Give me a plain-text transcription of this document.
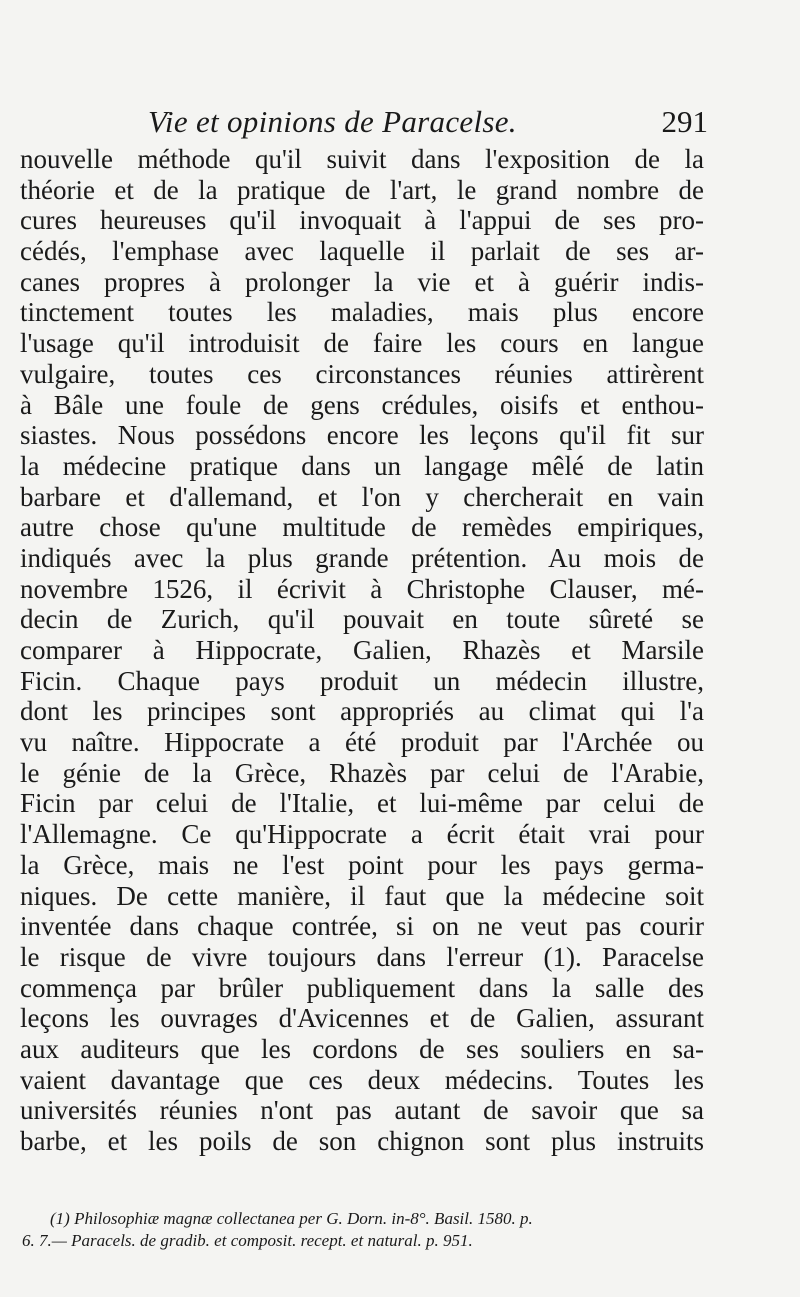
Vie et opinions de Paracelse.	291
nouvelle méthode qu'il suivit dans l'exposition de la
théorie et de la pratique de l'art, le grand nombre de
cures heureuses qu'il invoquait à l'appui de ses pro-
cédés, l'emphase avec laquelle il parlait de ses ar-
canes propres à prolonger la vie et à guérir indis-
tinctement toutes les maladies, mais plus encore
l'usage qu'il introduisit de faire les cours en langue
vulgaire, toutes ces circonstances réunies attirèrent
à Bâle une foule de gens crédules, oisifs et enthou-
siastes. Nous possédons encore les leçons qu'il fit sur
la médecine pratique dans un langage mêlé de latin
barbare et d'allemand, et l'on y chercherait en vain
autre chose qu'une multitude de remèdes empiriques,
indiqués avec la plus grande prétention. Au mois de
novembre 1526, il écrivit à Christophe Clauser, mé-
decin de Zurich, qu'il pouvait en toute sûreté se
comparer à Hippocrate, Galien, Rhazès et Marsile
Ficin. Chaque pays produit un médecin illustre,
dont les principes sont appropriés au climat qui l'a
vu naître. Hippocrate a été produit par l'Archée ou
le génie de la Grèce, Rhazès par celui de l'Arabie,
Ficin par celui de l'Italie, et lui-même par celui de
l'Allemagne. Ce qu'Hippocrate a écrit était vrai pour
la Grèce, mais ne l'est point pour les pays germa-
niques. De cette manière, il faut que la médecine soit
inventée dans chaque contrée, si on ne veut pas courir
le risque de vivre toujours dans l'erreur (1). Paracelse
commença par brûler publiquement dans la salle des
leçons les ouvrages d'Avicennes et de Galien, assurant
aux auditeurs que les cordons de ses souliers en sa-
vaient davantage que ces deux médecins. Toutes les
universités réunies n'ont pas autant de savoir que sa
barbe, et les poils de son chignon sont plus instruits
(1) Philosophiæ magnæ collectanea per G. Dorn. in-8°. Basil. 1580. p.
6. 7.— Paracels. de gradib. et composit. recept. et natural. p. 951.
